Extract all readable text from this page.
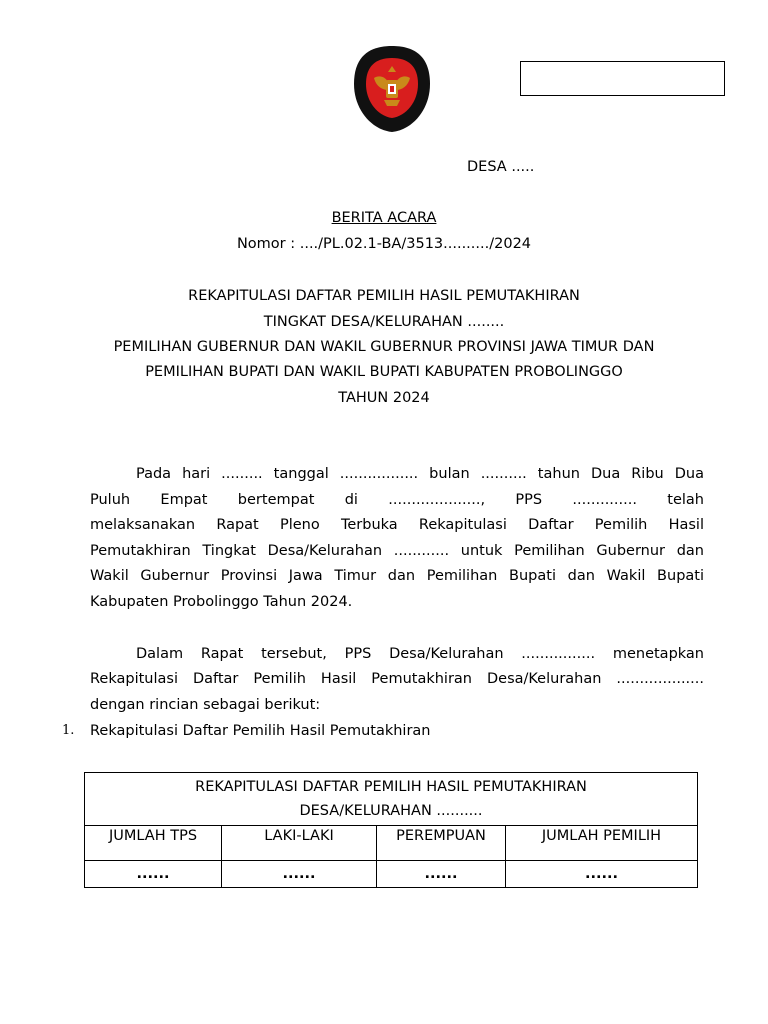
DESA .....
BERITA ACARA
Nomor : ..../PL.02.1-BA/3513........../2024
REKAPITULASI DAFTAR PEMILIH HASIL PEMUTAKHIRAN
TINGKAT DESA/KELURAHAN ........
PEMILIHAN GUBERNUR DAN WAKIL GUBERNUR PROVINSI JAWA TIMUR DAN
PEMILIHAN BUPATI DAN WAKIL BUPATI KABUPATEN PROBOLINGGO
TAHUN 2024
Pada hari ......... tanggal ................. bulan .......... tahun Dua Ribu Dua
Puluh Empat bertempat di ...................., PPS .............. telah
melaksanakan Rapat Pleno Terbuka Rekapitulasi Daftar Pemilih Hasil
Pemutakhiran Tingkat Desa/Kelurahan ............ untuk Pemilihan Gubernur dan
Wakil Gubernur Provinsi Jawa Timur dan Pemilihan Bupati dan Wakil Bupati
Kabupaten Probolinggo Tahun 2024.
Dalam Rapat tersebut, PPS Desa/Kelurahan ................ menetapkan
Rekapitulasi Daftar Pemilih Hasil Pemutakhiran Desa/Kelurahan ...................
dengan rincian sebagai berikut:
1. Rekapitulasi Daftar Pemilih Hasil Pemutakhiran
REKAPITULASI DAFTAR PEMILIH HASIL PEMUTAKHIRAN
DESA/KELURAHAN ..........			

JUMLAH TPS	LAKI-LAKI	PEREMPUAN	JUMLAH PEMILIH
......	......	......	......
